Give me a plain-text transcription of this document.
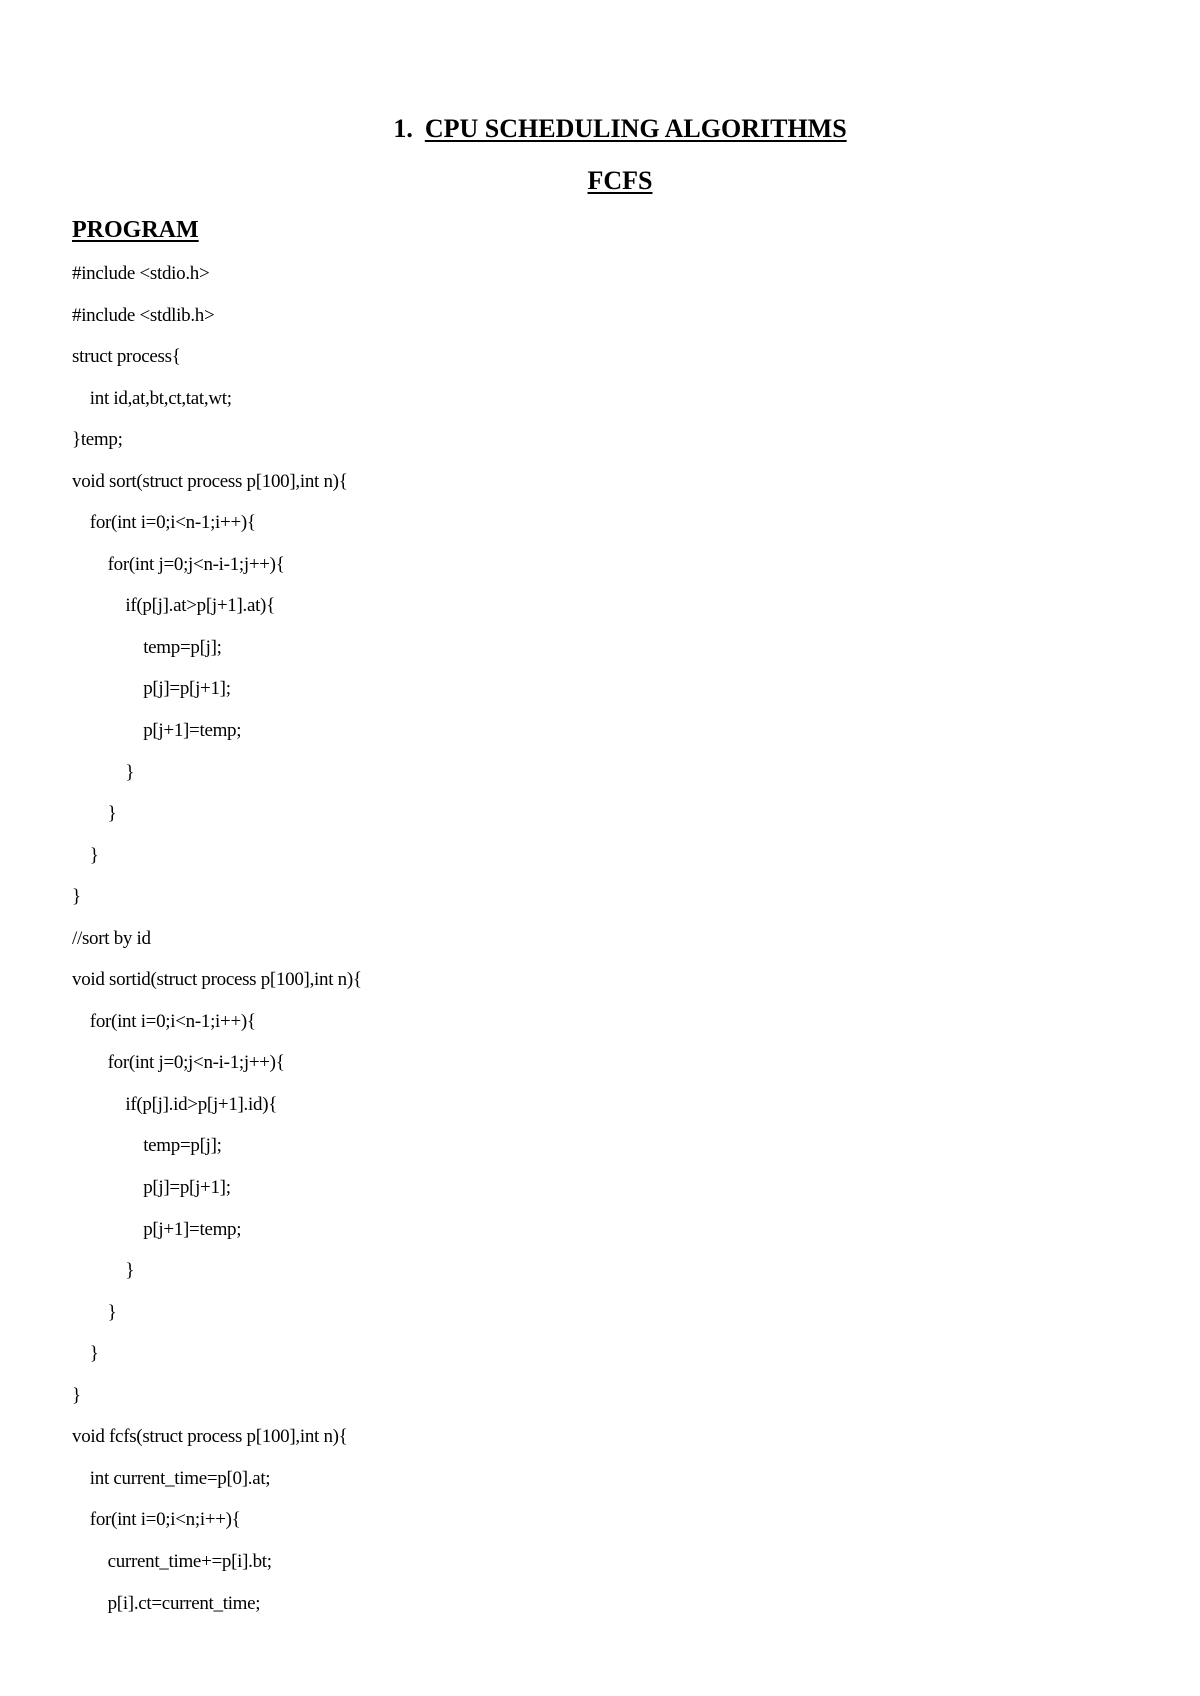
1. CPU SCHEDULING ALGORITHMS
FCFS
PROGRAM
#include <stdio.h>
#include <stdlib.h>
struct process{
int id,at,bt,ct,tat,wt;
}temp;
void sort(struct process p[100],int n){
for(int i=0;i<n-1;i++){
for(int j=0;j<n-i-1;j++){
if(p[j].at>p[j+1].at){
temp=p[j];
p[j]=p[j+1];
p[j+1]=temp;
}
}
}
}
//sort by id
void sortid(struct process p[100],int n){
for(int i=0;i<n-1;i++){
for(int j=0;j<n-i-1;j++){
if(p[j].id>p[j+1].id){
temp=p[j];
p[j]=p[j+1];
p[j+1]=temp;
}
}
}
}
void fcfs(struct process p[100],int n){
int current_time=p[0].at;
for(int i=0;i<n;i++){
current_time+=p[i].bt;
p[i].ct=current_time;
